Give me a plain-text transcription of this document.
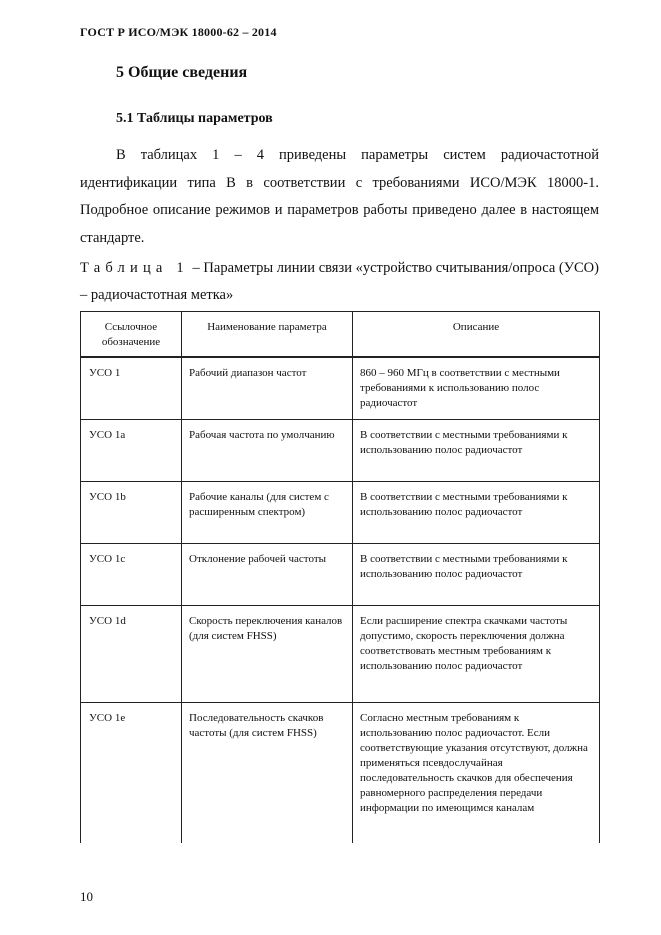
ГОСТ Р ИСО/МЭК 18000-62 – 2014
5 Общие сведения
5.1 Таблицы параметров

В таблицах 1 – 4 приведены параметры систем радиочастотной идентификации типа В в соответствии с требованиями ИСО/МЭК 18000-1. Подробное описание режимов и параметров работы приведено далее в настоящем стандарте.

Таблица 1 – Параметры линии связи «устройство считывания/опроса (УСО) – радиочастотная метка»

Ссылочное обозначение	Наименование параметра	Описание
УСО 1	Рабочий диапазон частот	860 – 960 МГц в соответствии с местными требованиями к использованию полос радиочастот
УСО 1а	Рабочая частота по умолчанию	В соответствии с местными требованиями к использованию полос радиочастот
УСО 1b	Рабочие каналы (для систем с расширенным спектром)	В соответствии с местными требованиями к использованию полос радиочастот
УСО 1с	Отклонение рабочей частоты	В соответствии с местными требованиями к использованию полос радиочастот
УСО 1d	Скорость переключения каналов (для систем FHSS)	Если расширение спектра скачками частоты допустимо, скорость переключения должна соответствовать местным требованиям к использованию полос радиочастот
УСО 1е	Последовательность скачков частоты (для систем FHSS)	Согласно местным требованиям к использованию полос радиочастот. Если соответствующие указания отсутствуют, должна применяться псевдослучайная последовательность скачков для обеспечения равномерного распределения передачи информации по имеющимся каналам
10
